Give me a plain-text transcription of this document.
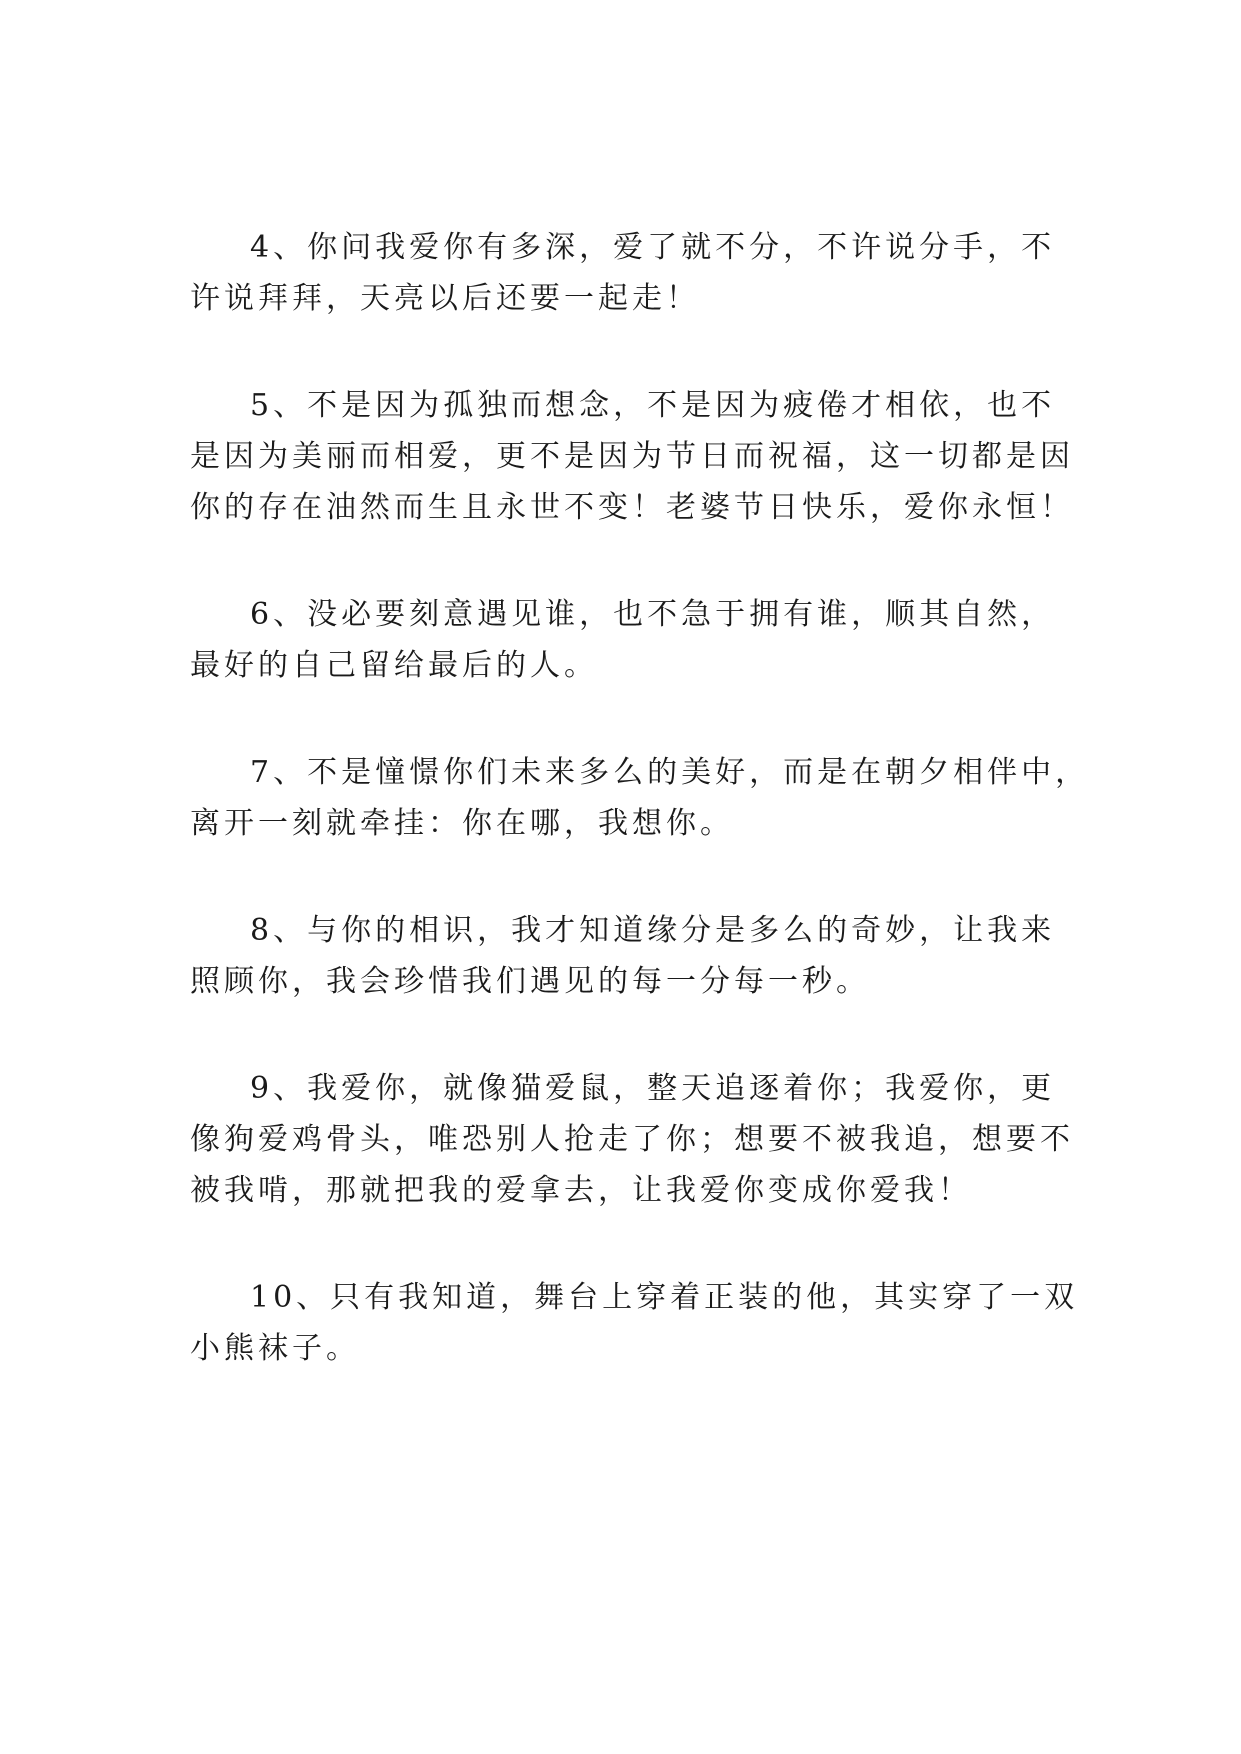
4、你问我爱你有多深，爱了就不分，不许说分手，不
许说拜拜，天亮以后还要一起走！
5、不是因为孤独而想念，不是因为疲倦才相依，也不
是因为美丽而相爱，更不是因为节日而祝福，这一切都是因
你的存在油然而生且永世不变！老婆节日快乐，爱你永恒！
6、没必要刻意遇见谁，也不急于拥有谁，顺其自然，
最好的自己留给最后的人。
7、不是憧憬你们未来多么的美好，而是在朝夕相伴中，
离开一刻就牵挂：你在哪，我想你。
8、与你的相识，我才知道缘分是多么的奇妙，让我来
照顾你，我会珍惜我们遇见的每一分每一秒。
9、我爱你，就像猫爱鼠，整天追逐着你；我爱你，更
像狗爱鸡骨头，唯恐别人抢走了你；想要不被我追，想要不
被我啃，那就把我的爱拿去，让我爱你变成你爱我！
10、只有我知道，舞台上穿着正装的他，其实穿了一双
小熊袜子。
